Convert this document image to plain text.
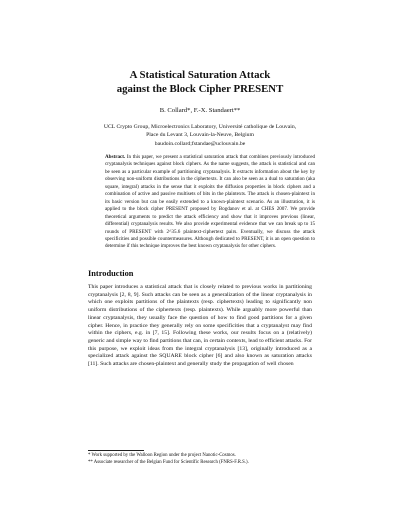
A Statistical Saturation Attack
against the Block Cipher PRESENT
B. Collard*, F.-X. Standaert**
UCL Crypto Group, Microelectronics Laboratory, Université catholique de Louvain,
Place du Levant 3, Louvain-la-Neuve, Belgium
baudoin.collard;fstandae@uclouvain.be
Abstract. In this paper, we present a statistical saturation attack that combines previously introduced cryptanalysis techniques against block ciphers. As the name suggests, the attack is statistical and can be seen as a particular example of partitioning cryptanalysis. It extracts information about the key by observing non-uniform distributions in the ciphertexts. It can also be seen as a dual to saturation (aka square, integral) attacks in the sense that it exploits the diffusion properties in block ciphers and a combination of active and passive multisets of bits in the plaintexts. The attack is chosen-plaintext in its basic version but can be easily extended to a known-plaintext scenario. As an illustration, it is applied to the block cipher PRESENT proposed by Bogdanov et al. at CHES 2007. We provide theoretical arguments to predict the attack efficiency and show that it improves previous (linear, differential) cryptanalysis results. We also provide experimental evidence that we can break up to 15 rounds of PRESENT with 2^35.6 plaintext-ciphertext pairs. Eventually, we discuss the attack specificities and possible countermeasures. Although dedicated to PRESENT, it is an open question to determine if this technique improves the best known cryptanalysis for other ciphers.
Introduction
This paper introduces a statistical attack that is closely related to previous works in partitioning cryptanalysis [2, 8, 9]. Such attacks can be seen as a generalization of the linear cryptanalysis in which one exploits partitions of the plaintexts (resp. ciphertexts) leading to significantly non uniform distributions of the ciphertexts (resp. plaintexts). While arguably more powerful than linear cryptanalysis, they usually face the question of how to find good partitions for a given cipher. Hence, in practice they generally rely on some specificities that a cryptanalyst may find within the ciphers, e.g. in [7, 15]. Following these works, our results focus on a (relatively) generic and simple way to find partitions that can, in certain contexts, lead to efficient attacks. For this purpose, we exploit ideas from the integral cryptanalysis [13], originally introduced as a specialized attack against the SQUARE block cipher [6] and also known as saturation attacks [11]. Such attacks are chosen-plaintext and generally study the propagation of well chosen
* Work supported by the Walloon Region under the project Nanotic-Cosmos.
** Associate researcher of the Belgian Fund for Scientific Research (FNRS-F.R.S.).
